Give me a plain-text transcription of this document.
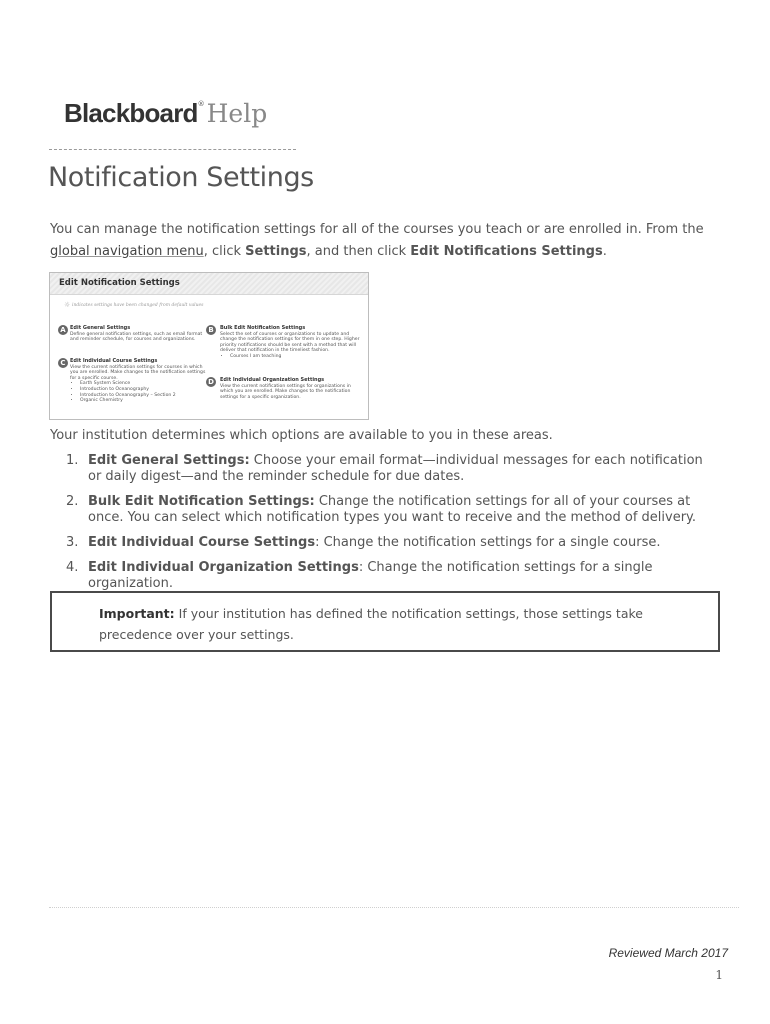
Blackboard®Help
Notification Settings

You can manage the notification settings for all of the courses you teach or are enrolled in. From the global navigation menu, click Settings, and then click Edit Notifications Settings.

Edit Notification Settings
☼ indicates settings have been changed from default values
A Edit General Settings
Define general notification settings, such as email format and reminder schedule, for courses and organizations.
B	Bulk Edit Notification Settings
Select the set of courses or organizations to update and change the notification settings for them in one step. Higher priority notifications should be sent with a method that will deliver that notification in the timeliest fashion.
• Courses I am teaching
C Edit Individual Course Settings
View the current notification settings for courses in which you are enrolled. Make changes to the notification settings for a specific course.
• Earth System Science
• Introduction to Oceanography
• Introduction to Oceanography – Section 2
• Organic Chemistry
D	Edit Individual Organization Settings
View the current notification settings for organizations in which you are enrolled. Make changes to the notification settings for a specific organization.

Your institution determines which options are available to you in these areas.

1. Edit General Settings: Choose your email format—individual messages for each notification or daily digest—and the reminder schedule for due dates.
2. Bulk Edit Notification Settings: Change the notification settings for all of your courses at once. You can select which notification types you want to receive and the method of delivery.
3. Edit Individual Course Settings: Change the notification settings for a single course.
4. Edit Individual Organization Settings: Change the notification settings for a single organization.

Important: If your institution has defined the notification settings, those settings take precedence over your settings.

Reviewed March 2017
1
